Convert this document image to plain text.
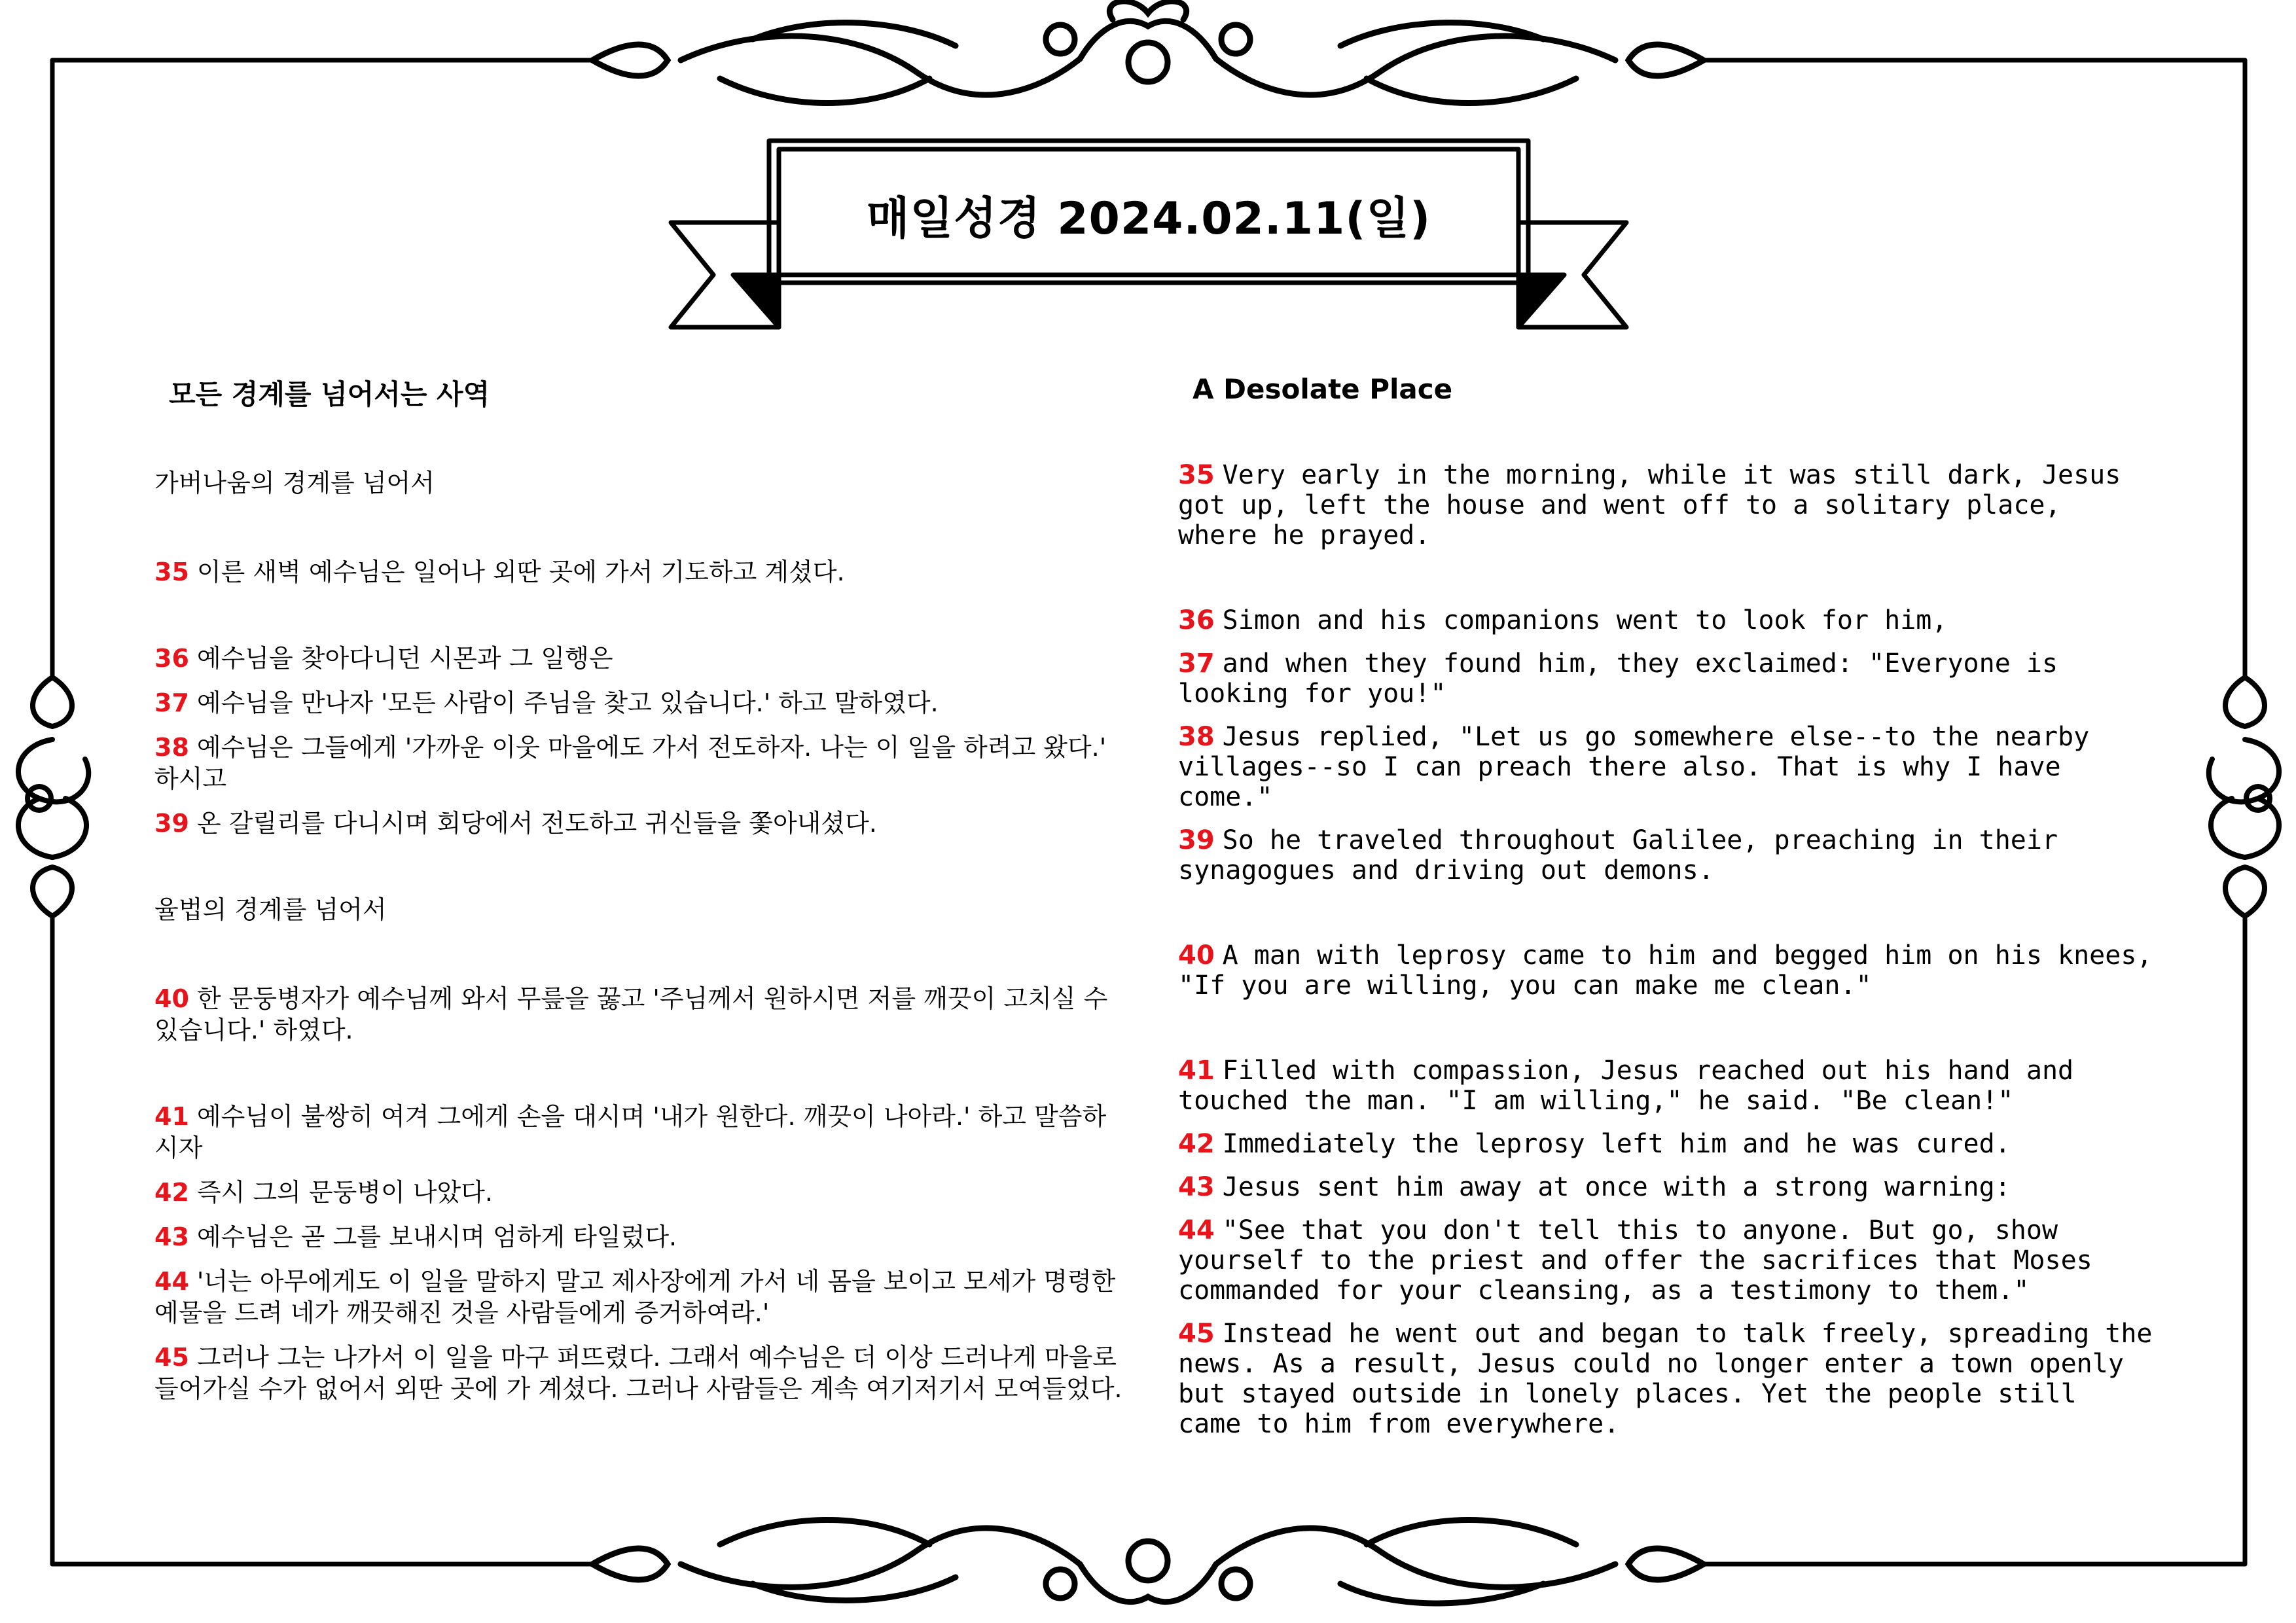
매일성경 2024.02.11(일)
모든 경계를 넘어서는 사역
가버나움의 경계를 넘어서
35 이른 새벽 예수님은 일어나 외딴 곳에 가서 기도하고 계셨다.
36 예수님을 찾아다니던 시몬과 그 일행은
37 예수님을 만나자 '모든 사람이 주님을 찾고 있습니다.' 하고 말하였다.
38 예수님은 그들에게 '가까운 이웃 마을에도 가서 전도하자. 나는 이 일을 하려고 왔다.' 하시고
39 온 갈릴리를 다니시며 회당에서 전도하고 귀신들을 쫓아내셨다.
율법의 경계를 넘어서
40 한 문둥병자가 예수님께 와서 무릎을 꿇고 '주님께서 원하시면 저를 깨끗이 고치실 수 있습니다.' 하였다.
41 예수님이 불쌍히 여겨 그에게 손을 대시며 '내가 원한다. 깨끗이 나아라.' 하고 말씀하시자
42 즉시 그의 문둥병이 나았다.
43 예수님은 곧 그를 보내시며 엄하게 타일렀다.
44 '너는 아무에게도 이 일을 말하지 말고 제사장에게 가서 네 몸을 보이고 모세가 명령한 예물을 드려 네가 깨끗해진 것을 사람들에게 증거하여라.'
45 그러나 그는 나가서 이 일을 마구 퍼뜨렸다. 그래서 예수님은 더 이상 드러나게 마을로 들어가실 수가 없어서 외딴 곳에 가 계셨다. 그러나 사람들은 계속 여기저기서 모여들었다.
A Desolate Place
35 Very early in the morning, while it was still dark, Jesus got up, left the house and went off to a solitary place, where he prayed.
36 Simon and his companions went to look for him,
37 and when they found him, they exclaimed: "Everyone is looking for you!"
38 Jesus replied, "Let us go somewhere else--to the nearby villages--so I can preach there also. That is why I have come."
39 So he traveled throughout Galilee, preaching in their synagogues and driving out demons.
40 A man with leprosy came to him and begged him on his knees, "If you are willing, you can make me clean."
41 Filled with compassion, Jesus reached out his hand and touched the man. "I am willing," he said. "Be clean!"
42 Immediately the leprosy left him and he was cured.
43 Jesus sent him away at once with a strong warning:
44 "See that you don't tell this to anyone. But go, show yourself to the priest and offer the sacrifices that Moses commanded for your cleansing, as a testimony to them."
45 Instead he went out and began to talk freely, spreading the news. As a result, Jesus could no longer enter a town openly but stayed outside in lonely places. Yet the people still came to him from everywhere.
